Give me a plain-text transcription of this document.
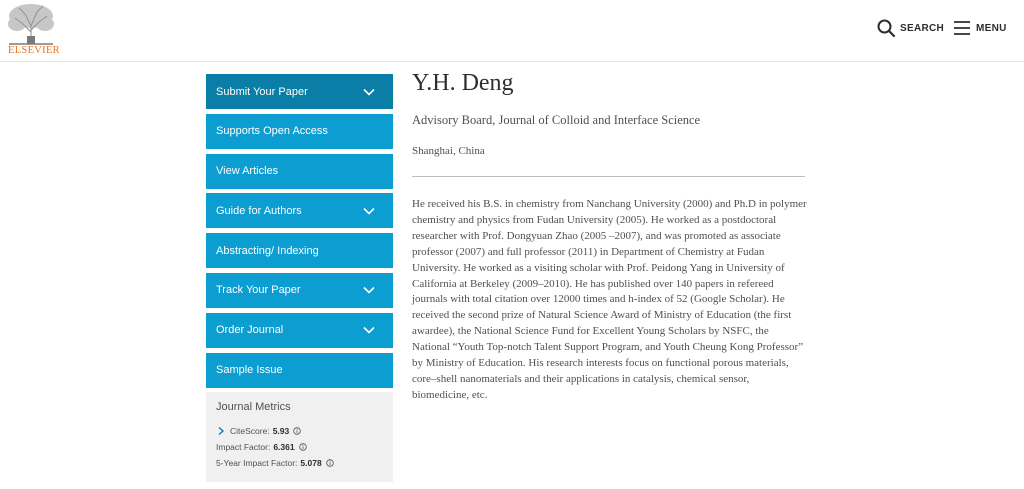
ELSEVIER
SEARCH	MENU
Submit Your Paper
Supports Open Access
View Articles
Guide for Authors
Abstracting/ Indexing
Track Your Paper
Order Journal
Sample Issue
Journal Metrics
CiteScore: 5.93
Impact Factor: 6.361
5-Year Impact Factor: 5.078
Y.H. Deng
Advisory Board, Journal of Colloid and Interface Science
Shanghai, China

He received his B.S. in chemistry from Nanchang University (2000) and Ph.D in polymer chemistry and physics from Fudan University (2005). He worked as a postdoctoral researcher with Prof. Dongyuan Zhao (2005 –2007), and was promoted as associate professor (2007) and full professor (2011) in Department of Chemistry at Fudan University. He worked as a visiting scholar with Prof. Peidong Yang in University of California at Berkeley (2009–2010). He has published over 140 papers in refereed journals with total citation over 12000 times and h-index of 52 (Google Scholar). He received the second prize of Natural Science Award of Ministry of Education (the first awardee), the National Science Fund for Excellent Young Scholars by NSFC, the National “Youth Top-notch Talent Support Program, and Youth Cheung Kong Professor” by Ministry of Education. His research interests focus on functional porous materials, core–shell nanomaterials and their applications in catalysis, chemical sensor, biomedicine, etc.
